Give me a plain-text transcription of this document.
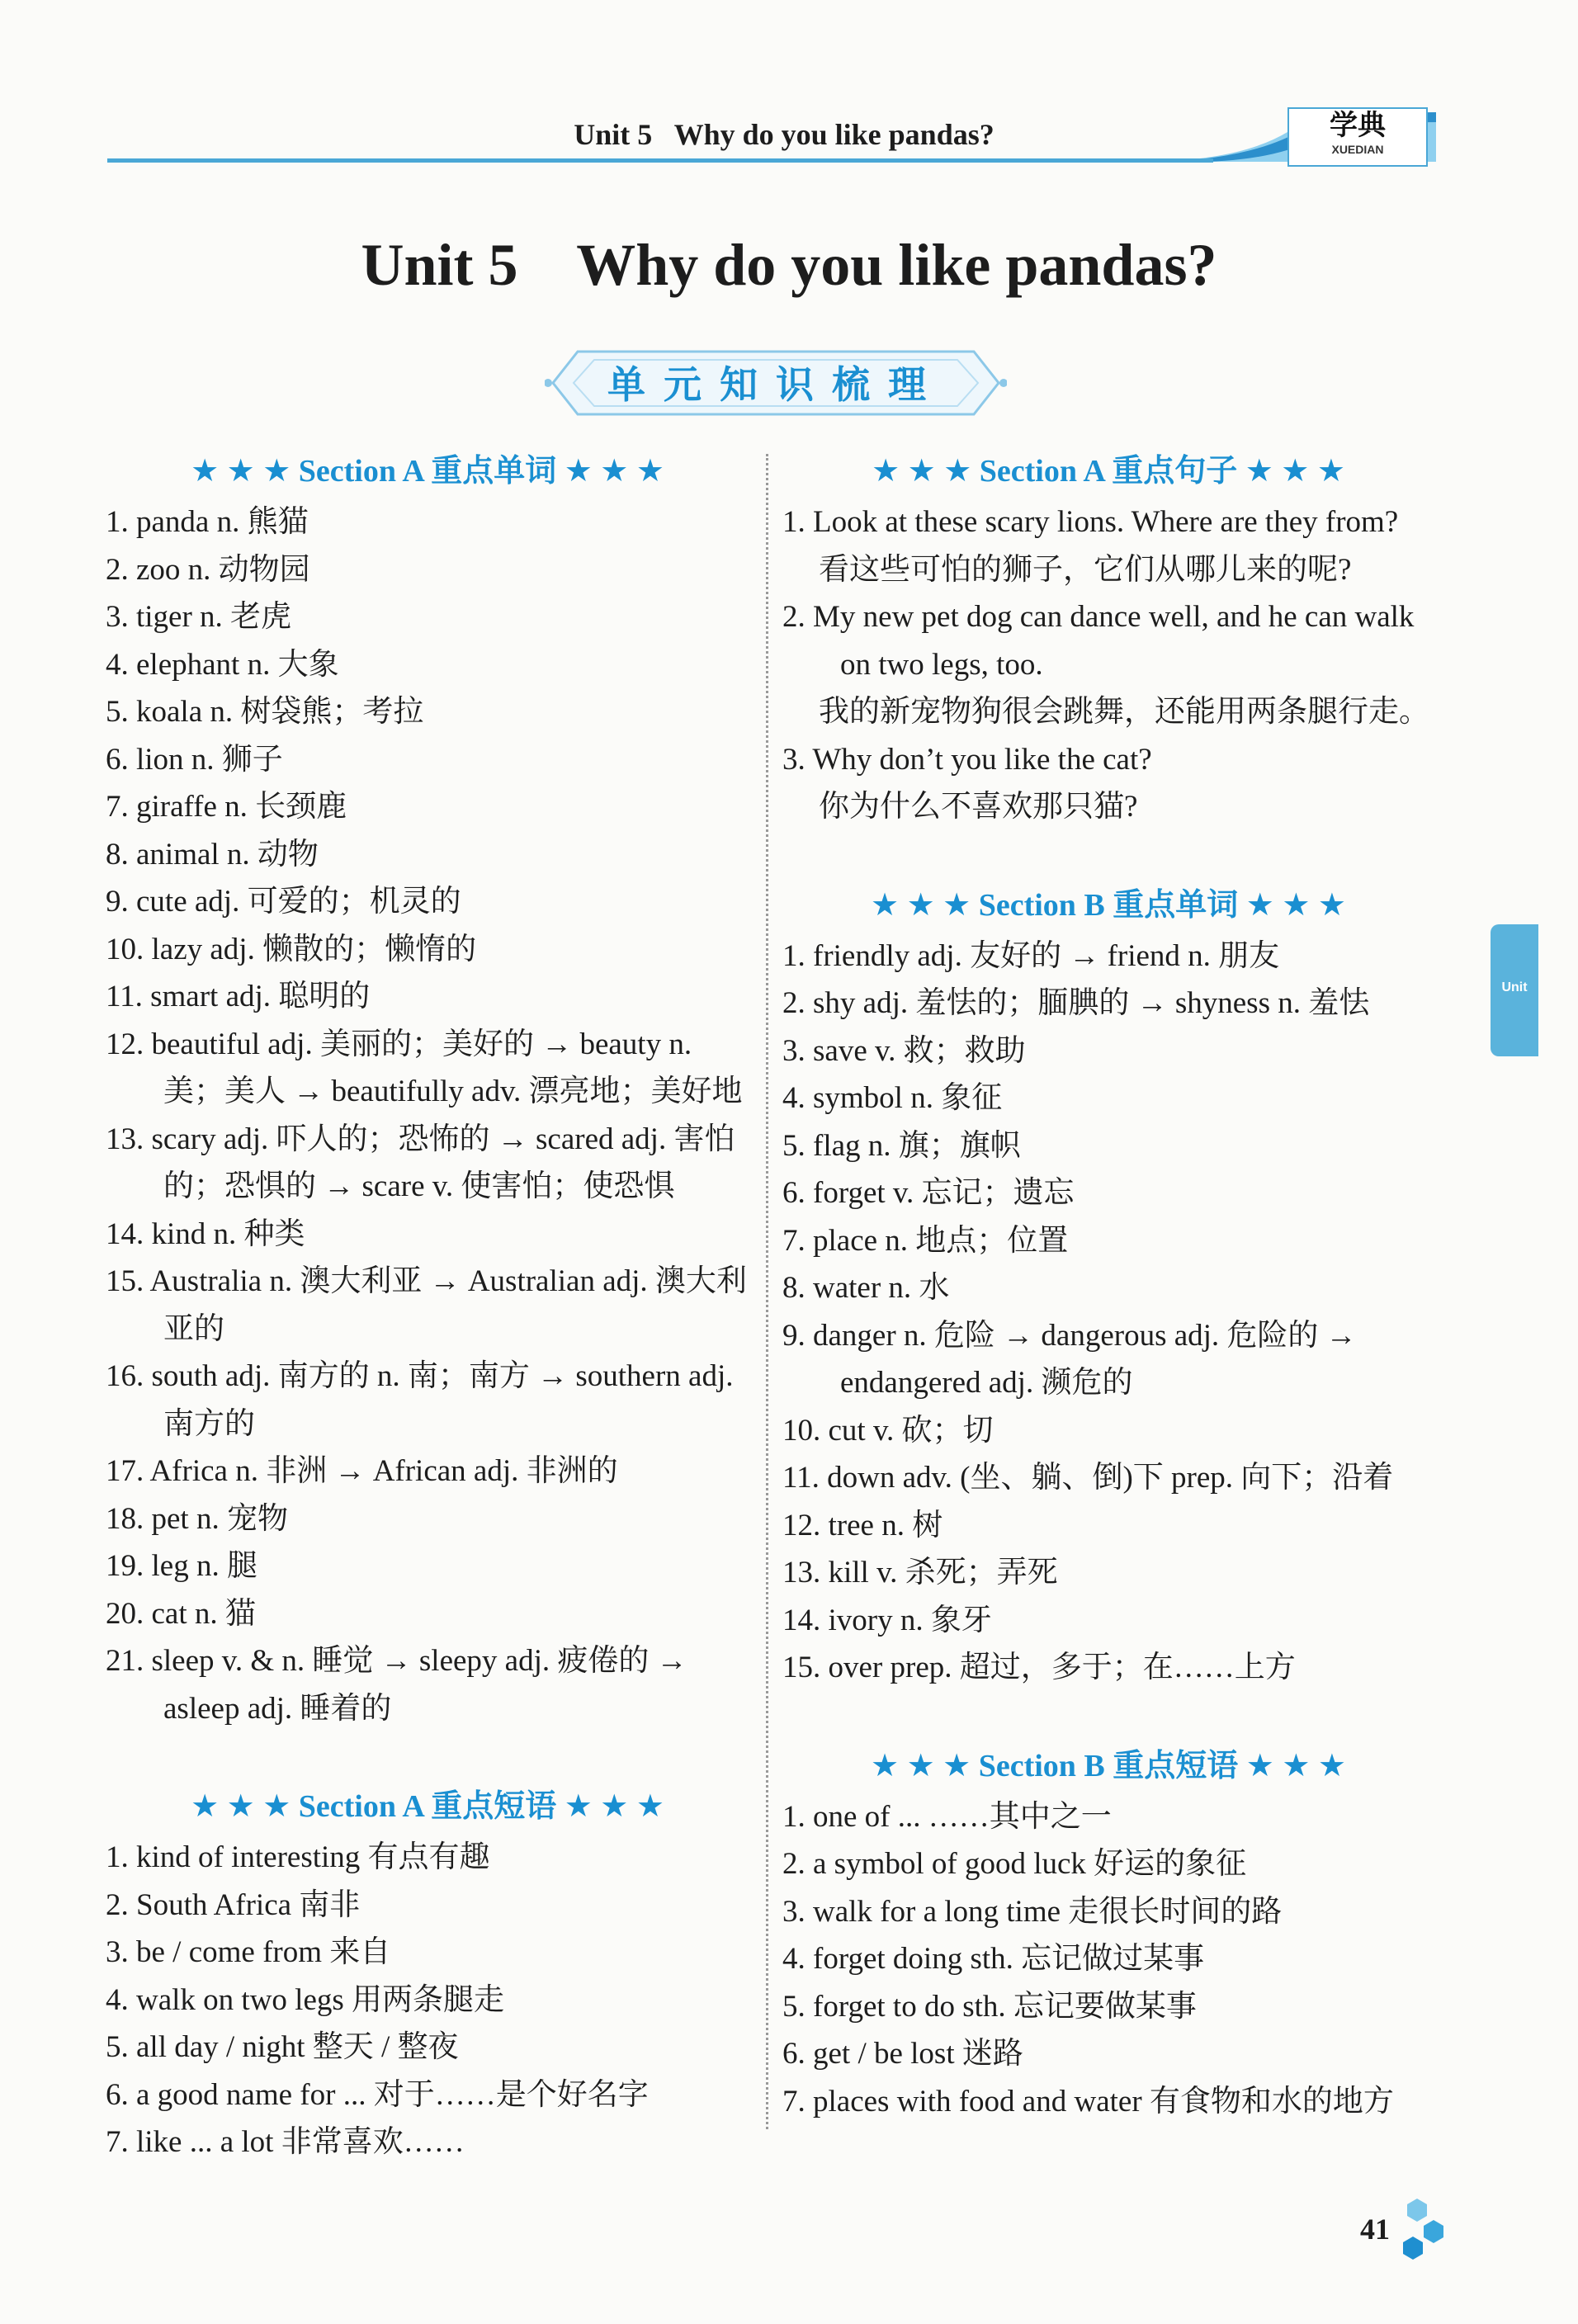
Unit 5   Why do you like pandas?	学典
XUEDIAN
Unit 5    Why do you like pandas?
单元知识梳理
★ ★ ★ Section A 重点单词 ★ ★ ★
1. panda n. 熊猫
2. zoo n. 动物园
3. tiger n. 老虎
4. elephant n. 大象
5. koala n. 树袋熊；考拉
6. lion n. 狮子
7. giraffe n. 长颈鹿
8. animal n. 动物
9. cute adj. 可爱的；机灵的
10. lazy adj. 懒散的；懒惰的
11. smart adj. 聪明的
12. beautiful adj. 美丽的；美好的 → beauty n. 美；美人 → beautifully adv. 漂亮地；美好地
13. scary adj. 吓人的；恐怖的 → scared adj. 害怕的；恐惧的 → scare v. 使害怕；使恐惧
14. kind n. 种类
15. Australia n. 澳大利亚 → Australian adj. 澳大利亚的
16. south adj. 南方的 n. 南；南方 → southern adj. 南方的
17. Africa n. 非洲 → African adj. 非洲的
18. pet n. 宠物
19. leg n. 腿
20. cat n. 猫
21. sleep v. & n. 睡觉 → sleepy adj. 疲倦的 → asleep adj. 睡着的
★ ★ ★ Section A 重点短语 ★ ★ ★
1. kind of interesting 有点有趣
2. South Africa 南非
3. be / come from 来自
4. walk on two legs 用两条腿走
5. all day / night 整天 / 整夜
6. a good name for ... 对于……是个好名字
7. like ... a lot 非常喜欢……
★ ★ ★ Section A 重点句子 ★ ★ ★
1. Look at these scary lions. Where are they from?
看这些可怕的狮子，它们从哪儿来的呢?
2. My new pet dog can dance well, and he can walk on two legs, too.
我的新宠物狗很会跳舞，还能用两条腿行走。
3. Why don’t you like the cat?
你为什么不喜欢那只猫?
★ ★ ★ Section B 重点单词 ★ ★ ★
1. friendly adj. 友好的 → friend n. 朋友
2. shy adj. 羞怯的；腼腆的 → shyness n. 羞怯
3. save v. 救；救助
4. symbol n. 象征
5. flag n. 旗；旗帜
6. forget v. 忘记；遗忘
7. place n. 地点；位置
8. water n. 水
9. danger n. 危险 → dangerous adj. 危险的 → endangered adj. 濒危的
10. cut v. 砍；切
11. down adv. (坐、躺、倒)下 prep. 向下；沿着
12. tree n. 树
13. kill v. 杀死；弄死
14. ivory n. 象牙
15. over prep. 超过，多于；在……上方
★ ★ ★ Section B 重点短语 ★ ★ ★
1. one of ... ……其中之一
2. a symbol of good luck 好运的象征
3. walk for a long time 走很长时间的路
4. forget doing sth. 忘记做过某事
5. forget to do sth. 忘记要做某事
6. get / be lost 迷路
7. places with food and water 有食物和水的地方
Unit
41
